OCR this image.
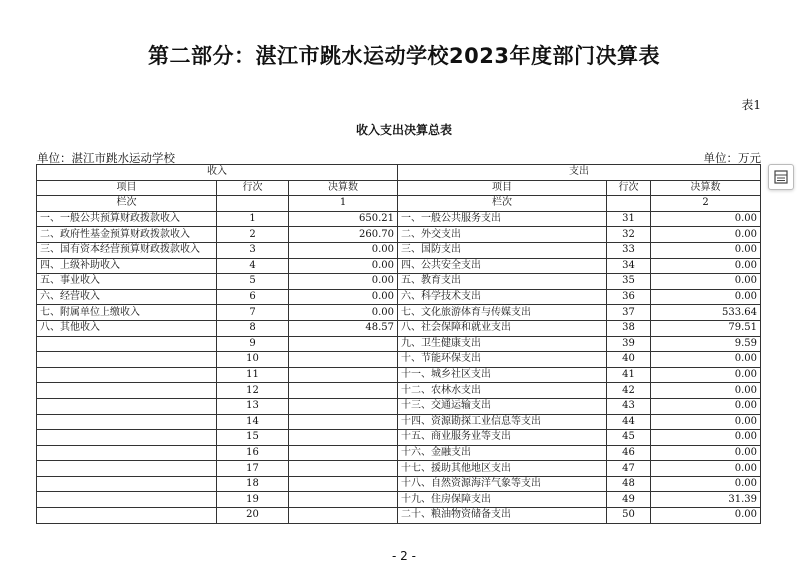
第二部分：湛江市跳水运动学校2023年度部门决算表
表1
收入支出决算总表
单位：湛江市跳水运动学校	单位：万元
收入			支出		
项目	行次	决算数	项目	行次	决算数
栏次		1	栏次		2
一、一般公共预算财政拨款收入	1	650.21	一、一般公共服务支出	31	0.00
二、政府性基金预算财政拨款收入	2	260.70	二、外交支出	32	0.00
三、国有资本经营预算财政拨款收入	3	0.00	三、国防支出	33	0.00
四、上级补助收入	4	0.00	四、公共安全支出	34	0.00
五、事业收入	5	0.00	五、教育支出	35	0.00
六、经营收入	6	0.00	六、科学技术支出	36	0.00
七、附属单位上缴收入	7	0.00	七、文化旅游体育与传媒支出	37	533.64
八、其他收入	8	48.57	八、社会保障和就业支出	38	79.51
	9		九、卫生健康支出	39	9.59
	10		十、节能环保支出	40	0.00
	11		十一、城乡社区支出	41	0.00
	12		十二、农林水支出	42	0.00
	13		十三、交通运输支出	43	0.00
	14		十四、资源勘探工业信息等支出	44	0.00
	15		十五、商业服务业等支出	45	0.00
	16		十六、金融支出	46	0.00
	17		十七、援助其他地区支出	47	0.00
	18		十八、自然资源海洋气象等支出	48	0.00
	19		十九、住房保障支出	49	31.39
	20		二十、粮油物资储备支出	50	0.00
- 2 -
